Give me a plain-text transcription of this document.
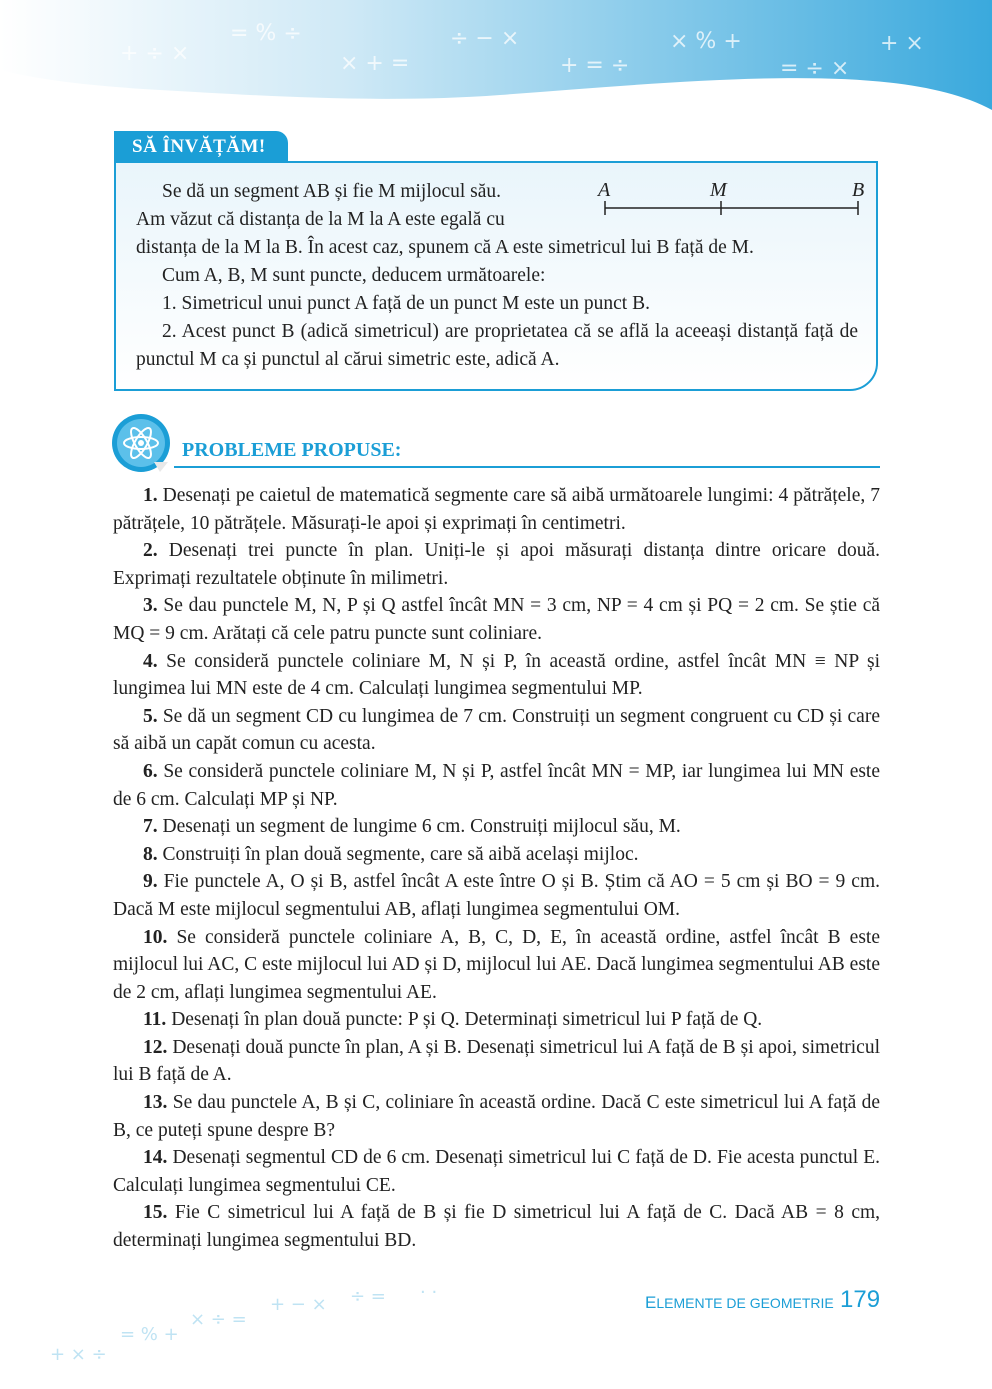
+ ÷ ×
= % ÷
× + =
÷ − ×
+ = ÷
× % +
= ÷ ×
+ ×
SĂ ÎNVĂȚĂM!

Se dă un segment AB și fie M mijlocul său.

Am văzut că distanța de la M la A este egală cu

distanța de la M la B. În acest caz, spunem că A este simetricul lui B față de M.

Cum A, B, M sunt puncte, deducem următoarele:

1. Simetricul unui punct A față de un punct M este un punct B.

2. Acest punct B (adică simetricul) are proprietatea că se află la aceeași distanță față de punctul M ca și punctul al cărui simetric este, adică A.

A	M	B
PROBLEME PROPUSE:

1. Desenați pe caietul de matematică segmente care să aibă următoarele lungimi: 4 pătrățele, 7 pătrățele, 10 pătrățele. Măsurați-le apoi și exprimați în centimetri.

2. Desenați trei puncte în plan. Uniți-le și apoi măsurați distanța dintre oricare două. Exprimați rezultatele obținute în milimetri.

3. Se dau punctele M, N, P și Q astfel încât MN = 3 cm, NP = 4 cm și PQ = 2 cm. Se știe că MQ = 9 cm. Arătați că cele patru puncte sunt coliniare.

4. Se consideră punctele coliniare M, N și P, în această ordine, astfel încât MN ≡ NP și lungimea lui MN este de 4 cm. Calculați lungimea segmentului MP.

5. Se dă un segment CD cu lungimea de 7 cm. Construiți un segment congruent cu CD și care să aibă un capăt comun cu acesta.

6. Se consideră punctele coliniare M, N și P, astfel încât MN = MP, iar lungimea lui MN este de 6 cm. Calculați MP și NP.

7. Desenați un segment de lungime 6 cm. Construiți mijlocul său, M.

8. Construiți în plan două segmente, care să aibă același mijloc.

9. Fie punctele A, O și B, astfel încât A este între O și B. Știm că AO = 5 cm și BO = 9 cm. Dacă M este mijlocul segmentului AB, aflați lungimea segmentului OM.

10. Se consideră punctele coliniare A, B, C, D, E, în această ordine, astfel încât B este mijlocul lui AC, C este mijlocul lui AD și D, mijlocul lui AE. Dacă lungimea segmentului AB este de 2 cm, aflați lungimea segmentului AE.

11. Desenați în plan două puncte: P și Q. Determinați simetricul lui P față de Q.

12. Desenați două puncte în plan, A și B. Desenați simetricul lui A față de B și apoi, simetricul lui B față de A.

13. Se dau punctele A, B și C, coliniare în această ordine. Dacă C este simetricul lui A față de B, ce puteți spune despre B?

14. Desenați segmentul CD de 6 cm. Desenați simetricul lui C față de D. Fie acesta punctul E. Calculați lungimea segmentului CE.

15. Fie C simetricul lui A față de B și fie D simetricul lui A față de C. Dacă AB = 8 cm, determinați lungimea segmentului BD.

+ × ÷
= % +
× ÷ =
+ − × ÷ = · ·	ELEMENTE DE GEOMETRIE 179
